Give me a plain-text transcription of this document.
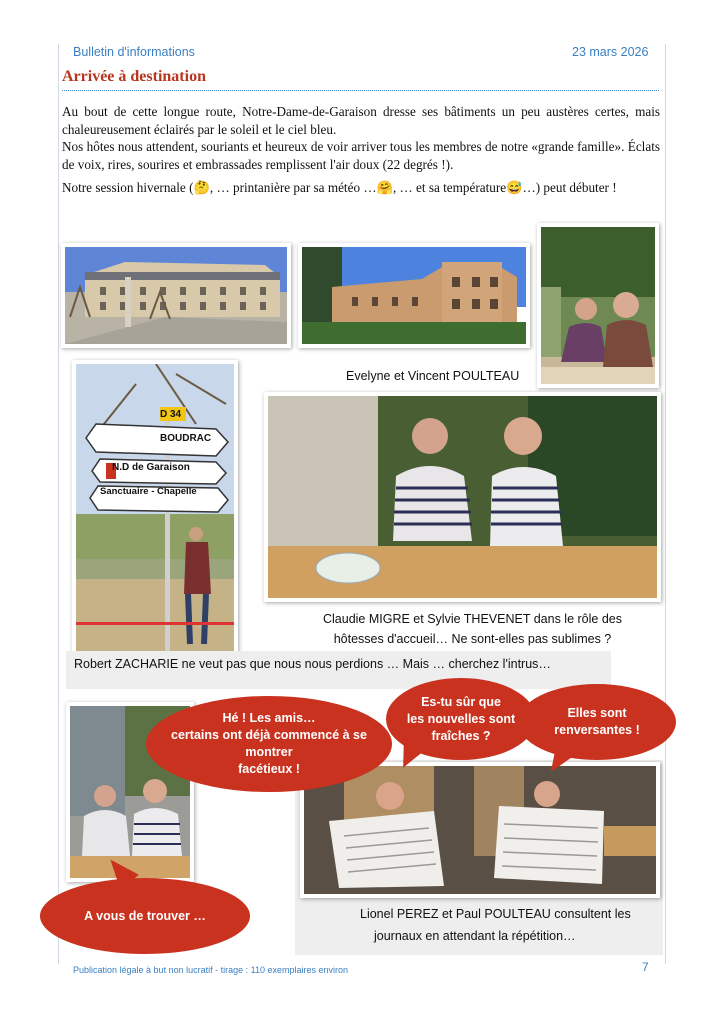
Bulletin d'informations	23 mars 2026
Arrivée à destination

Au bout de cette longue route, Notre-Dame-de-Garaison dresse ses bâtiments un peu austères certes, mais chaleureusement éclairés par le soleil et le ciel bleu.

Nos hôtes nous attendent, souriants et heureux de voir arriver tous les membres de notre «grande famille». Éclats de voix, rires, sourires et embrassades remplissent l'air doux (22 degrés !).

Notre session hivernale (🤔, … printanière par sa météo …🤗, … et sa température😅…) peut débuter !

Evelyne et Vincent POULTEAU
D 34
BOUDRAC
N.D de Garaison
Sanctuaire - Chapelle
Claudie MIGRE et Sylvie THEVENET dans le rôle des
hôtesses d'accueil… Ne sont-elles pas sublimes ?
Robert ZACHARIE ne veut pas que nous nous perdions … Mais … cherchez l'intrus…
Lionel PEREZ et Paul POULTEAU consultent les
journaux en attendant la répétition…
Hé ! Les amis…
certains ont déjà commencé à se montrer
facétieux !
Es-tu sûr que
les nouvelles sont
fraîches ?
Elles sont
renversantes !
A vous de trouver …
Publication légale à but non lucratif - tirage : 110 exemplaires environ	7
